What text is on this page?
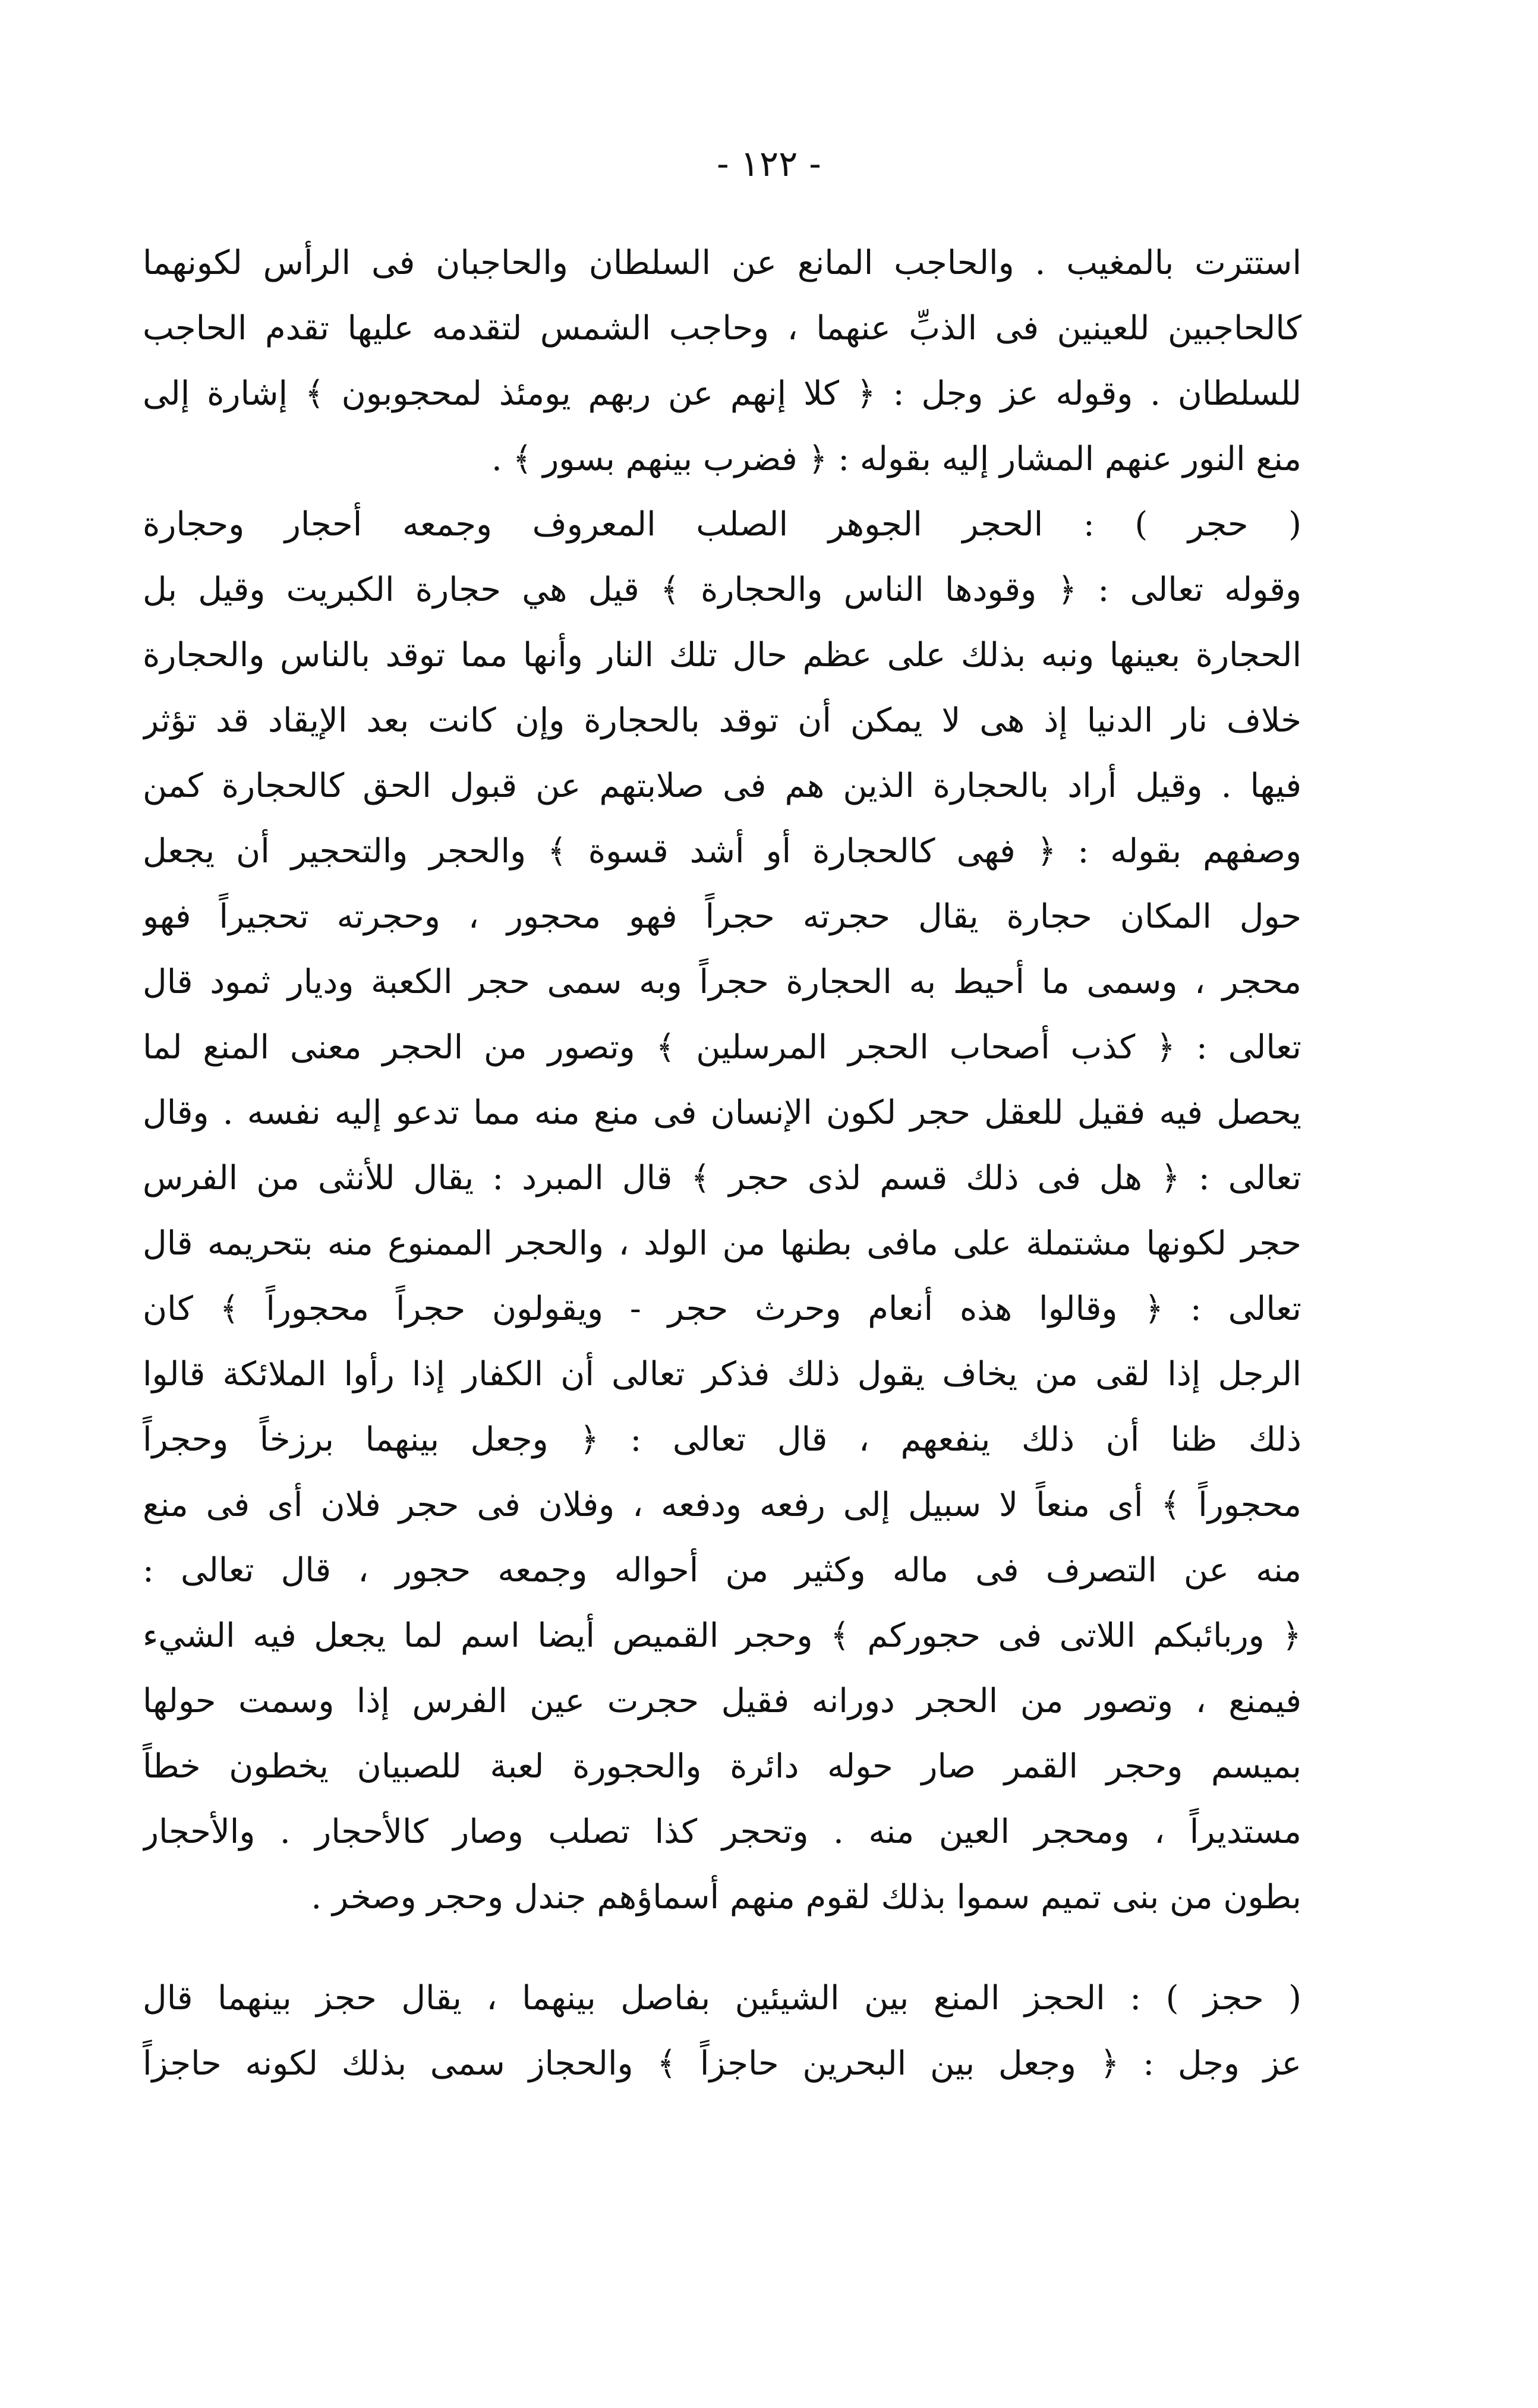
- ١٢٢ -
استترت بالمغيب . والحاجب المانع عن السلطان والحاجبان فى الرأس لكونهما
كالحاجبين للعينين فى الذبِّ عنهما ، وحاجب الشمس لتقدمه عليها تقدم الحاجب
للسلطان . وقوله عز وجل : ﴿ كلا إنهم عن ربهم يومئذ لمحجوبون ﴾ إشارة إلى
منع النور عنهم المشار إليه بقوله : ﴿ فضرب بينهم بسور ﴾ .
( حجر ) : الحجر الجوهر الصلب المعروف وجمعه أحجار وحجارة
وقوله تعالى : ﴿ وقودها الناس والحجارة ﴾ قيل هي حجارة الكبريت وقيل بل
الحجارة بعينها ونبه بذلك على عظم حال تلك النار وأنها مما توقد بالناس والحجارة
خلاف نار الدنيا إذ هى لا يمكن أن توقد بالحجارة وإن كانت بعد الإيقاد قد تؤثر
فيها . وقيل أراد بالحجارة الذين هم فى صلابتهم عن قبول الحق كالحجارة كمن
وصفهم بقوله : ﴿ فهى كالحجارة أو أشد قسوة ﴾ والحجر والتحجير أن يجعل
حول المكان حجارة يقال حجرته حجراً فهو محجور ، وحجرته تحجيراً فهو
محجر ، وسمى ما أحيط به الحجارة حجراً وبه سمى حجر الكعبة وديار ثمود قال
تعالى : ﴿ كذب أصحاب الحجر المرسلين ﴾ وتصور من الحجر معنى المنع لما
يحصل فيه فقيل للعقل حجر لكون الإنسان فى منع منه مما تدعو إليه نفسه . وقال
تعالى : ﴿ هل فى ذلك قسم لذى حجر ﴾ قال المبرد : يقال للأنثى من الفرس
حجر لكونها مشتملة على مافى بطنها من الولد ، والحجر الممنوع منه بتحريمه قال
تعالى : ﴿ وقالوا هذه أنعام وحرث حجر - ويقولون حجراً محجوراً ﴾ كان
الرجل إذا لقى من يخاف يقول ذلك فذكر تعالى أن الكفار إذا رأوا الملائكة قالوا
ذلك ظنا أن ذلك ينفعهم ، قال تعالى : ﴿ وجعل بينهما برزخاً وحجراً
محجوراً ﴾ أى منعاً لا سبيل إلى رفعه ودفعه ، وفلان فى حجر فلان أى فى منع
منه عن التصرف فى ماله وكثير من أحواله وجمعه حجور ، قال تعالى :
﴿ وربائبكم اللاتى فى حجوركم ﴾ وحجر القميص أيضا اسم لما يجعل فيه الشيء
فيمنع ، وتصور من الحجر دورانه فقيل حجرت عين الفرس إذا وسمت حولها
بميسم وحجر القمر صار حوله دائرة والحجورة لعبة للصبيان يخطون خطاً
مستديراً ، ومحجر العين منه . وتحجر كذا تصلب وصار كالأحجار . والأحجار
بطون من بنى تميم سموا بذلك لقوم منهم أسماؤهم جندل وحجر وصخر .
( حجز ) : الحجز المنع بين الشيئين بفاصل بينهما ، يقال حجز بينهما قال
عز وجل : ﴿ وجعل بين البحرين حاجزاً ﴾ والحجاز سمى بذلك لكونه حاجزاً
